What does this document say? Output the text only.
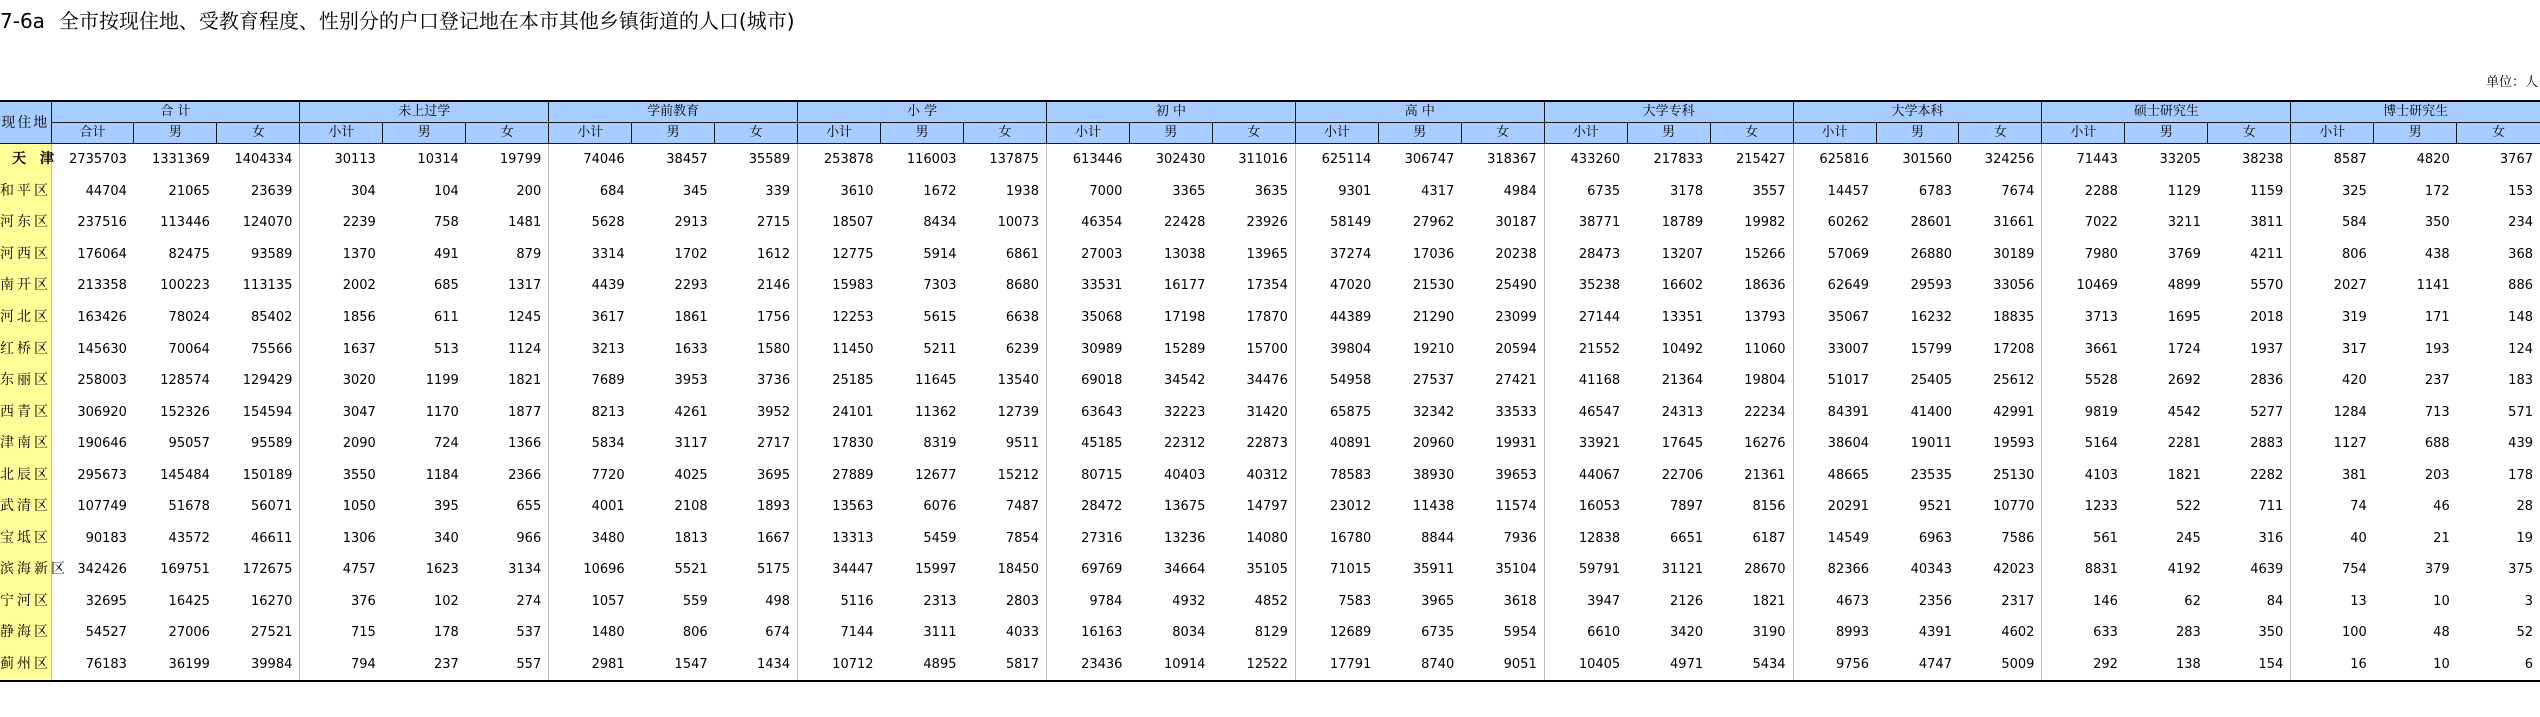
7-6a 全市按现住地、受教育程度、性别分的户口登记地在本市其他乡镇街道的人口(城市)
单位：人
现住地	合 计			未上过学			学前教育			小 学			初 中			高 中			大学专科			大学本科			硕士研究生			博士研究生		
	合计	男	女	小计	男	女	小计	男	女	小计	男	女	小计	男	女	小计	男	女	小计	男	女	小计	男	女	小计	男	女	小计	男	女
天津	2735703	1331369	1404334	30113	10314	19799	74046	38457	35589	253878	116003	137875	613446	302430	311016	625114	306747	318367	433260	217833	215427	625816	301560	324256	71443	33205	38238	8587	4820	3767
和平区	44704	21065	23639	304	104	200	684	345	339	3610	1672	1938	7000	3365	3635	9301	4317	4984	6735	3178	3557	14457	6783	7674	2288	1129	1159	325	172	153
河东区	237516	113446	124070	2239	758	1481	5628	2913	2715	18507	8434	10073	46354	22428	23926	58149	27962	30187	38771	18789	19982	60262	28601	31661	7022	3211	3811	584	350	234
河西区	176064	82475	93589	1370	491	879	3314	1702	1612	12775	5914	6861	27003	13038	13965	37274	17036	20238	28473	13207	15266	57069	26880	30189	7980	3769	4211	806	438	368
南开区	213358	100223	113135	2002	685	1317	4439	2293	2146	15983	7303	8680	33531	16177	17354	47020	21530	25490	35238	16602	18636	62649	29593	33056	10469	4899	5570	2027	1141	886
河北区	163426	78024	85402	1856	611	1245	3617	1861	1756	12253	5615	6638	35068	17198	17870	44389	21290	23099	27144	13351	13793	35067	16232	18835	3713	1695	2018	319	171	148
红桥区	145630	70064	75566	1637	513	1124	3213	1633	1580	11450	5211	6239	30989	15289	15700	39804	19210	20594	21552	10492	11060	33007	15799	17208	3661	1724	1937	317	193	124
东丽区	258003	128574	129429	3020	1199	1821	7689	3953	3736	25185	11645	13540	69018	34542	34476	54958	27537	27421	41168	21364	19804	51017	25405	25612	5528	2692	2836	420	237	183
西青区	306920	152326	154594	3047	1170	1877	8213	4261	3952	24101	11362	12739	63643	32223	31420	65875	32342	33533	46547	24313	22234	84391	41400	42991	9819	4542	5277	1284	713	571
津南区	190646	95057	95589	2090	724	1366	5834	3117	2717	17830	8319	9511	45185	22312	22873	40891	20960	19931	33921	17645	16276	38604	19011	19593	5164	2281	2883	1127	688	439
北辰区	295673	145484	150189	3550	1184	2366	7720	4025	3695	27889	12677	15212	80715	40403	40312	78583	38930	39653	44067	22706	21361	48665	23535	25130	4103	1821	2282	381	203	178
武清区	107749	51678	56071	1050	395	655	4001	2108	1893	13563	6076	7487	28472	13675	14797	23012	11438	11574	16053	7897	8156	20291	9521	10770	1233	522	711	74	46	28
宝坻区	90183	43572	46611	1306	340	966	3480	1813	1667	13313	5459	7854	27316	13236	14080	16780	8844	7936	12838	6651	6187	14549	6963	7586	561	245	316	40	21	19
滨海新区	342426	169751	172675	4757	1623	3134	10696	5521	5175	34447	15997	18450	69769	34664	35105	71015	35911	35104	59791	31121	28670	82366	40343	42023	8831	4192	4639	754	379	375
宁河区	32695	16425	16270	376	102	274	1057	559	498	5116	2313	2803	9784	4932	4852	7583	3965	3618	3947	2126	1821	4673	2356	2317	146	62	84	13	10	3
静海区	54527	27006	27521	715	178	537	1480	806	674	7144	3111	4033	16163	8034	8129	12689	6735	5954	6610	3420	3190	8993	4391	4602	633	283	350	100	48	52
蓟州区	76183	36199	39984	794	237	557	2981	1547	1434	10712	4895	5817	23436	10914	12522	17791	8740	9051	10405	4971	5434	9756	4747	5009	292	138	154	16	10	6
